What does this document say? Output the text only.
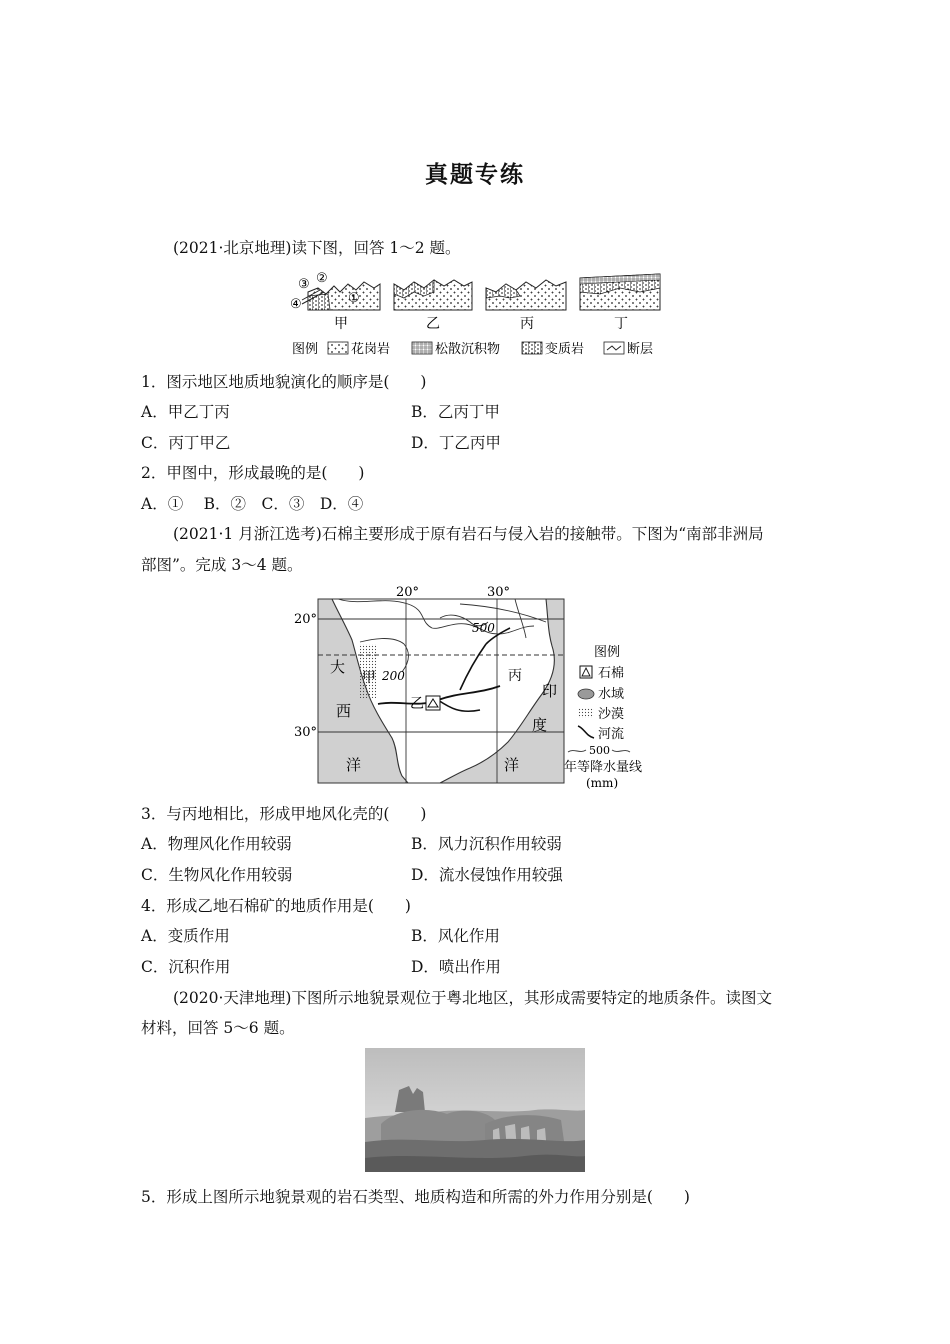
真题专练
(2021·北京地理)读下图，回答 1～2 题。
①
②
③
④
甲	乙	丙	丁
图例	花岗岩	松散沉积物	变质岩	断层
1．图示地区地质地貌演化的顺序是(　　)
A．甲乙丁丙	B．乙丙丁甲
C．丙丁甲乙	D．丁乙丙甲
2．甲图中，形成最晚的是(　　)
A．①　 B．②　C．③　D．④
(2021·1 月浙江选考)石棉主要形成于原有岩石与侵入岩的接触带。下图为“南部非洲局
部图”。完成 3～4 题。
20°	30°
20°
30°
500
200
大
西
洋
甲
乙
丙
印
度
洋
图例
石棉
水域
沙漠
河流
500
年等降水量线
(mm)
3．与丙地相比，形成甲地风化壳的(　　)
A．物理风化作用较弱	B．风力沉积作用较弱
C．生物风化作用较弱	D．流水侵蚀作用较强
4．形成乙地石棉矿的地质作用是(　　)
A．变质作用	B．风化作用
C．沉积作用	D．喷出作用
(2020·天津地理)下图所示地貌景观位于粤北地区，其形成需要特定的地质条件。读图文
材料，回答 5～6 题。
5．形成上图所示地貌景观的岩石类型、地质构造和所需的外力作用分别是(　　)
